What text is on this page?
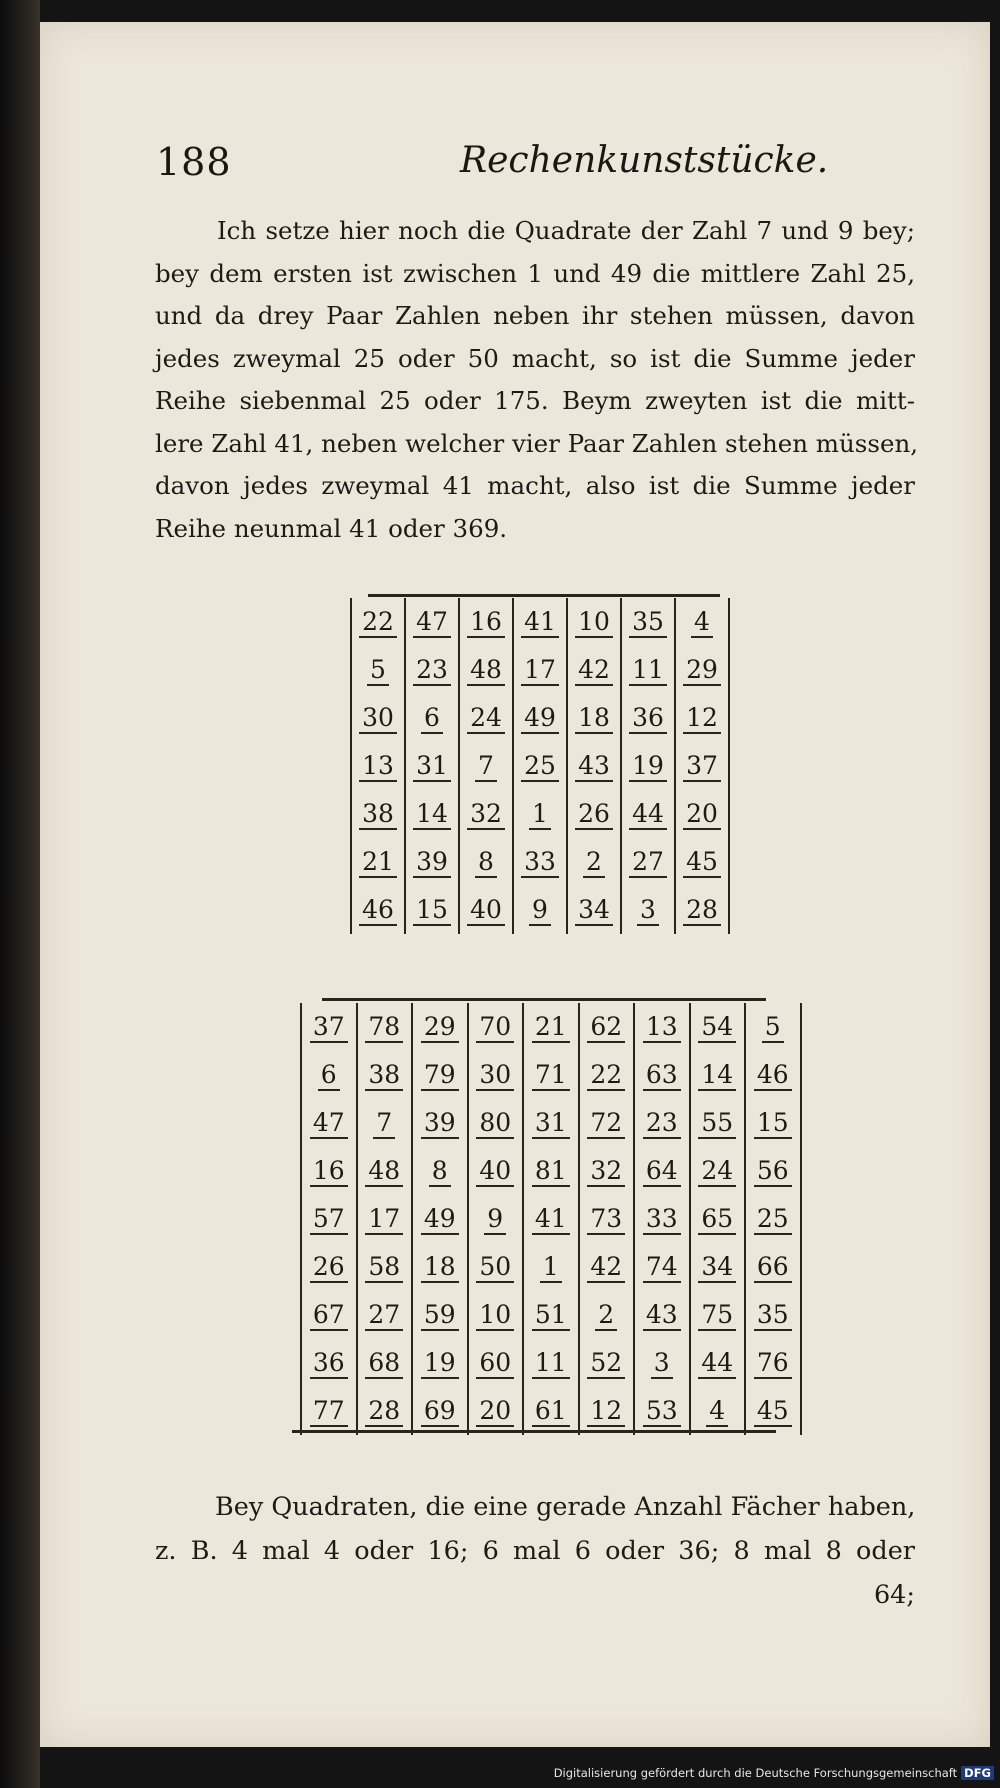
188	Rechenkunststücke.
Ich setze hier noch die Quadrate der Zahl 7 und 9 bey;
bey dem ersten ist zwischen 1 und 49 die mittlere Zahl 25,
und da drey Paar Zahlen neben ihr stehen müssen, davon
jedes zweymal 25 oder 50 macht, so ist die Summe jeder
Reihe siebenmal 25 oder 175. Beym zweyten ist die mitt-
lere Zahl 41, neben welcher vier Paar Zahlen stehen müssen,
davon jedes zweymal 41 macht, also ist die Summe jeder
Reihe neunmal 41 oder 369.
22	47	16	41	10	35	4
5	23	48	17	42	11	29
30	6	24	49	18	36	12
13	31	7	25	43	19	37
38	14	32	1	26	44	20
21	39	8	33	2	27	45
46	15	40	9	34	3	28
37	78	29	70	21	62	13	54	5
6	38	79	30	71	22	63	14	46
47	7	39	80	31	72	23	55	15
16	48	8	40	81	32	64	24	56
57	17	49	9	41	73	33	65	25
26	58	18	50	1	42	74	34	66
67	27	59	10	51	2	43	75	35
36	68	19	60	11	52	3	44	76
77	28	69	20	61	12	53	4	45
Bey Quadraten, die eine gerade Anzahl Fächer haben,
z. B. 4 mal 4 oder 16; 6 mal 6 oder 36; 8 mal 8 oder
64;
Digitalisierung gefördert durch die Deutsche Forschungsgemeinschaft DFG
